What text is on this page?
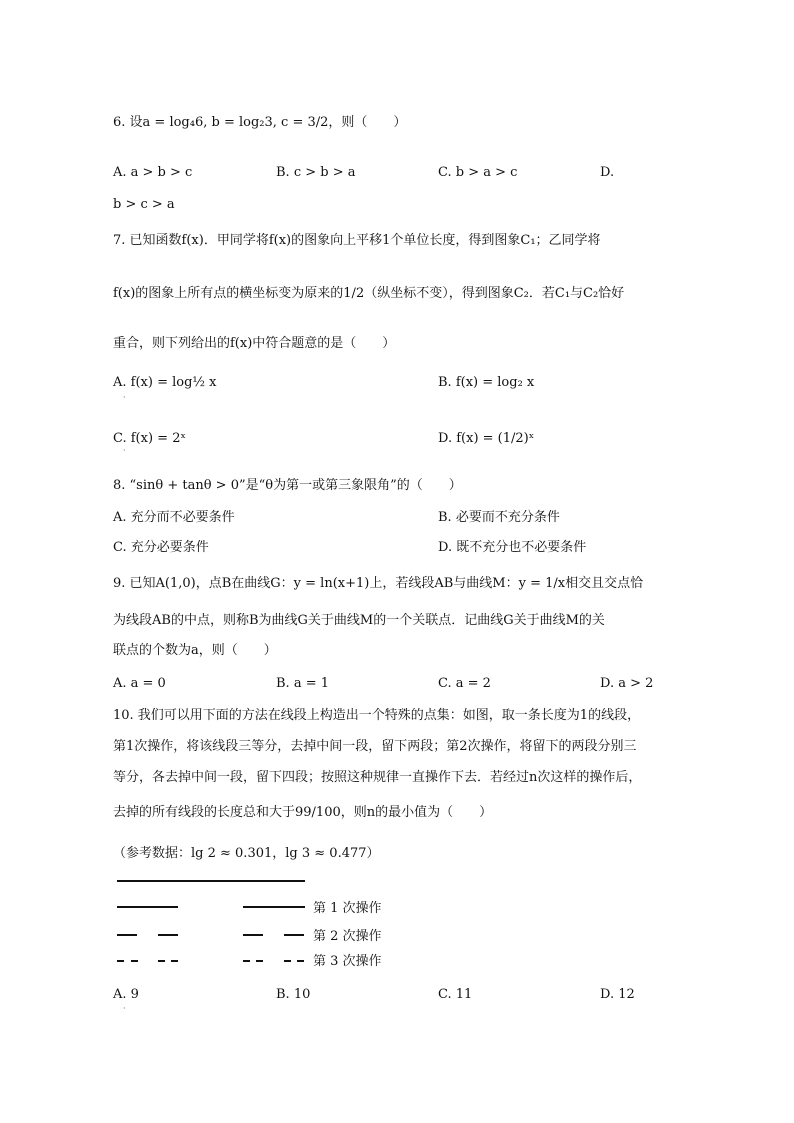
6. 设a = log₄6, b = log₂3, c = 3/2，则（　　）
A. a > b > c	B. c > b > a	C. b > a > c	D.
b > c > a
7. 已知函数f(x)．甲同学将f(x)的图象向上平移1个单位长度，得到图象C₁；乙同学将
f(x)的图象上所有点的横坐标变为原来的1/2（纵坐标不变），得到图象C₂．若C₁与C₂恰好
重合，则下列给出的f(x)中符合题意的是（　　）
A. f(x) = log½ x	B. f(x) = log₂ x
C. f(x) = 2ˣ	D. f(x) = (1/2)ˣ
·
·
8. “sinθ + tanθ > 0”是“θ为第一或第三象限角”的（　　）
A. 充分而不必要条件	B. 必要而不充分条件
C. 充分必要条件	D. 既不充分也不必要条件
9. 已知A(1,0)，点B在曲线G：y = ln(x+1)上，若线段AB与曲线M：y = 1/x相交且交点恰
为线段AB的中点，则称B为曲线G关于曲线M的一个关联点．记曲线G关于曲线M的关
联点的个数为a，则（　　）
A. a = 0	B. a = 1	C. a = 2	D. a > 2
10. 我们可以用下面的方法在线段上构造出一个特殊的点集：如图，取一条长度为1的线段，
第1次操作，将该线段三等分，去掉中间一段，留下两段；第2次操作，将留下的两段分别三
等分，各去掉中间一段，留下四段；按照这种规律一直操作下去．若经过n次这样的操作后，
去掉的所有线段的长度总和大于99/100，则n的最小值为（　　）
（参考数据：lg 2 ≈ 0.301，lg 3 ≈ 0.477）
第 1 次操作
第 2 次操作
第 3 次操作
A. 9	B. 10	C. 11	D. 12
·
